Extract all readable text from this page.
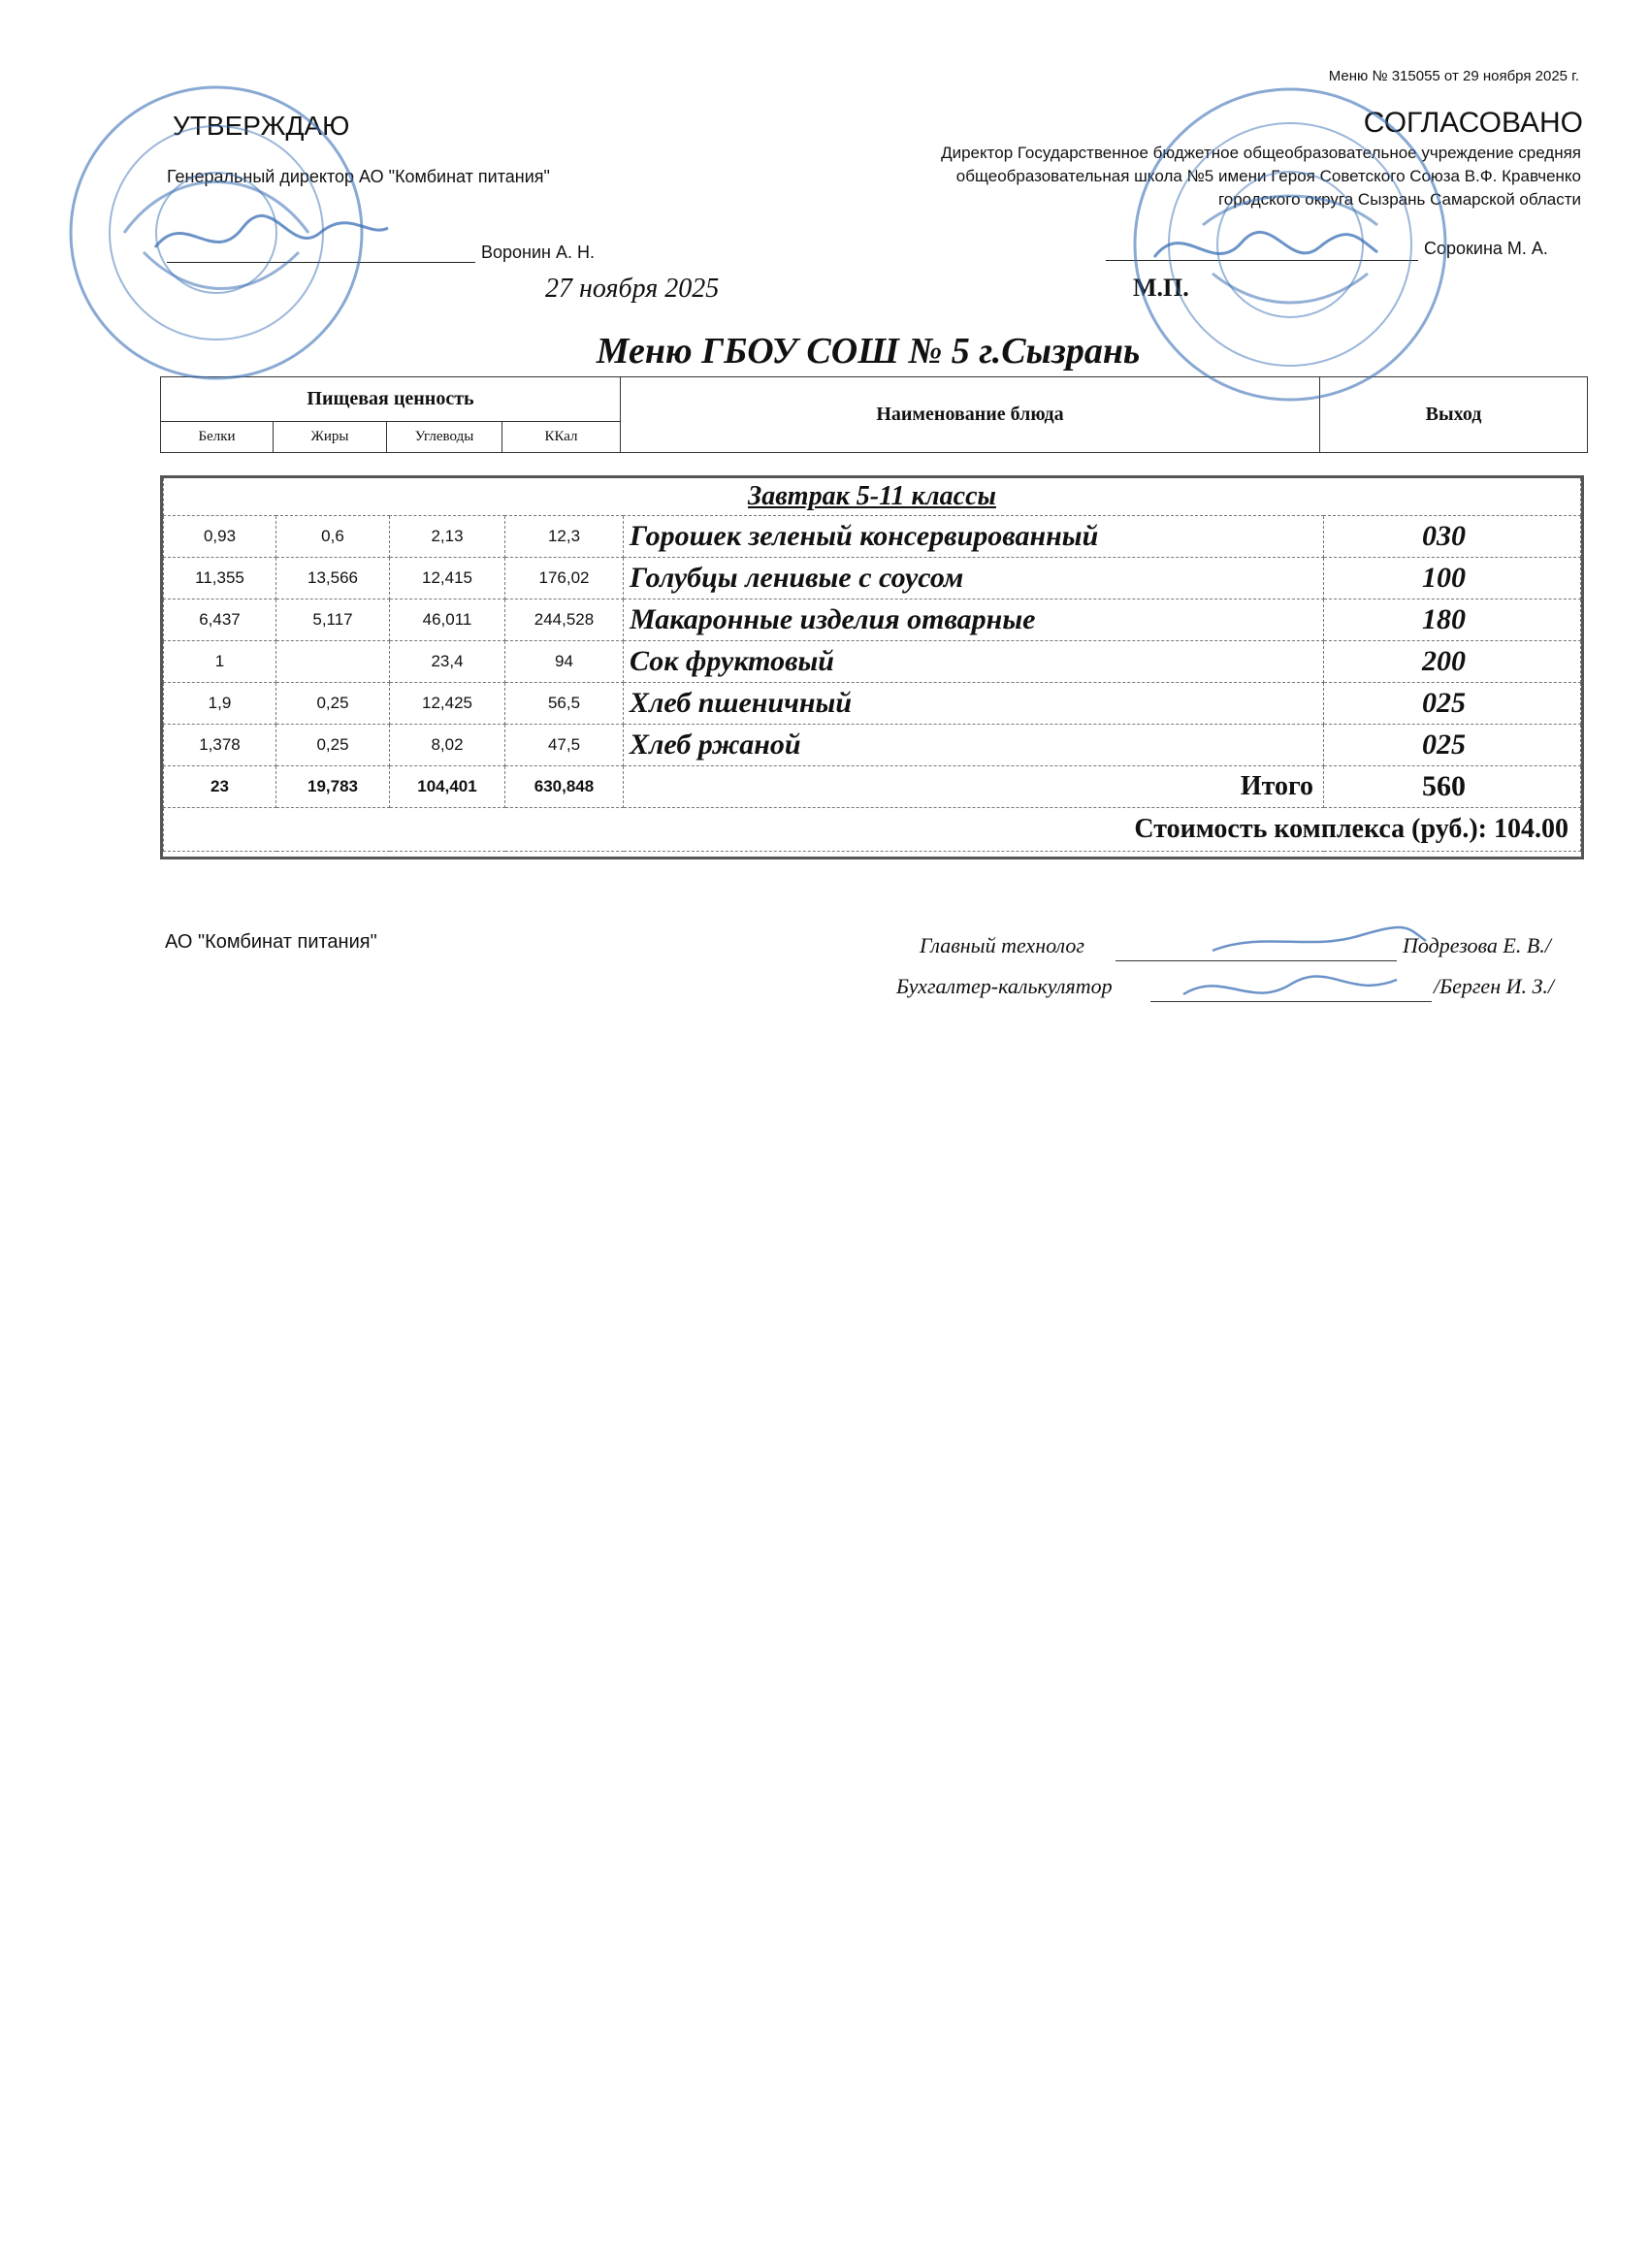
Меню № 315055 от 29 ноября 2025 г.
УТВЕРЖДАЮ
Генеральный директор АО "Комбинат питания"
Воронин А. Н.
27 ноября 2025
СОГЛАСОВАНО
Директор Государственное бюджетное общеобразовательное учреждение средняя
общеобразовательная школа №5 имени Героя Советского Союза В.Ф. Кравченко
городского округа Сызрань Самарской области
Сорокина М. А.
М.П.
Меню ГБОУ СОШ № 5 г.Сызрань
Пищевая ценность				Наименование блюда	Выход
Белки	Жиры	Углеводы	ККал		
Завтрак 5-11 классы					
0,93	0,6	2,13	12,3	Горошек зеленый консервированный	030
11,355	13,566	12,415	176,02	Голубцы ленивые с соусом	100
6,437	5,117	46,011	244,528	Макаронные изделия отварные	180
1		23,4	94	Сок фруктовый	200
1,9	0,25	12,425	56,5	Хлеб пшеничный	025
1,378	0,25	8,02	47,5	Хлеб ржаной	025
23	19,783	104,401	630,848	Итого	560
Стоимость комплекса (руб.): 104.00					
АО "Комбинат питания"	Главный технолог	Подрезова Е. В./
Бухгалтер-калькулятор	/Берген И. З./
